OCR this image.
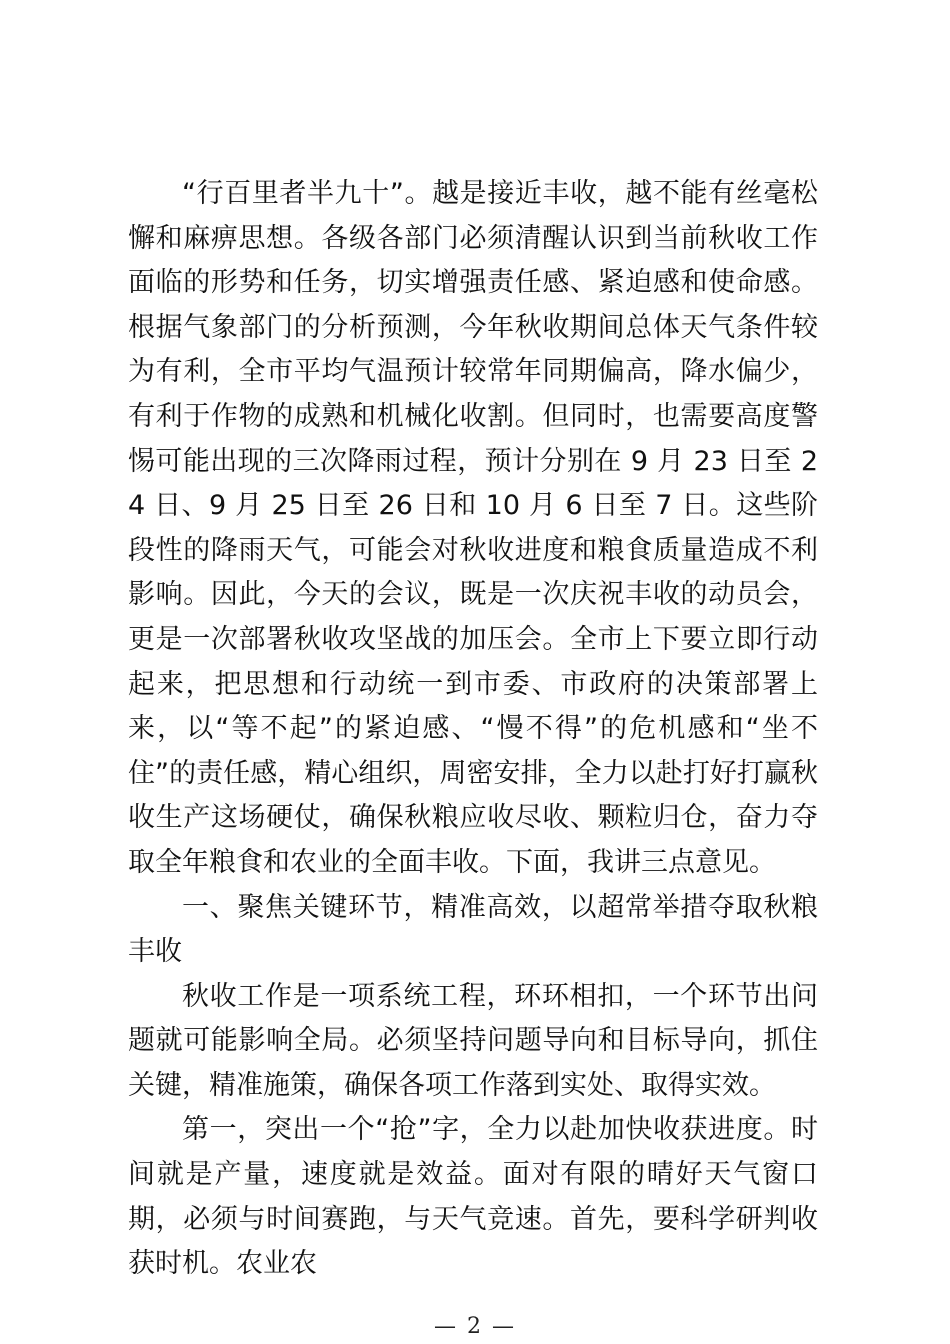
“行百里者半九十”。越是接近丰收，越不能有丝毫松懈和麻痹思想。各级各部门必须清醒认识到当前秋收工作面临的形势和任务，切实增强责任感、紧迫感和使命感。根据气象部门的分析预测，今年秋收期间总体天气条件较为有利，全市平均气温预计较常年同期偏高，降水偏少，有利于作物的成熟和机械化收割。但同时，也需要高度警惕可能出现的三次降雨过程，预计分别在 9 月 23 日至 24 日、9 月 25 日至 26 日和 10 月 6 日至 7 日。这些阶段性的降雨天气，可能会对秋收进度和粮食质量造成不利影响。因此，今天的会议，既是一次庆祝丰收的动员会，更是一次部署秋收攻坚战的加压会。全市上下要立即行动起来，把思想和行动统一到市委、市政府的决策部署上来，以“等不起”的紧迫感、“慢不得”的危机感和“坐不住”的责任感，精心组织，周密安排，全力以赴打好打赢秋收生产这场硬仗，确保秋粮应收尽收、颗粒归仓，奋力夺取全年粮食和农业的全面丰收。下面，我讲三点意见。

一、聚焦关键环节，精准高效，以超常举措夺取秋粮丰收

秋收工作是一项系统工程，环环相扣，一个环节出问题就可能影响全局。必须坚持问题导向和目标导向，抓住关键，精准施策，确保各项工作落到实处、取得实效。

第一，突出一个“抢”字，全力以赴加快收获进度。时间就是产量，速度就是效益。面对有限的晴好天气窗口期，必须与时间赛跑，与天气竞速。首先，要科学研判收获时机。农业农

— 2 —
